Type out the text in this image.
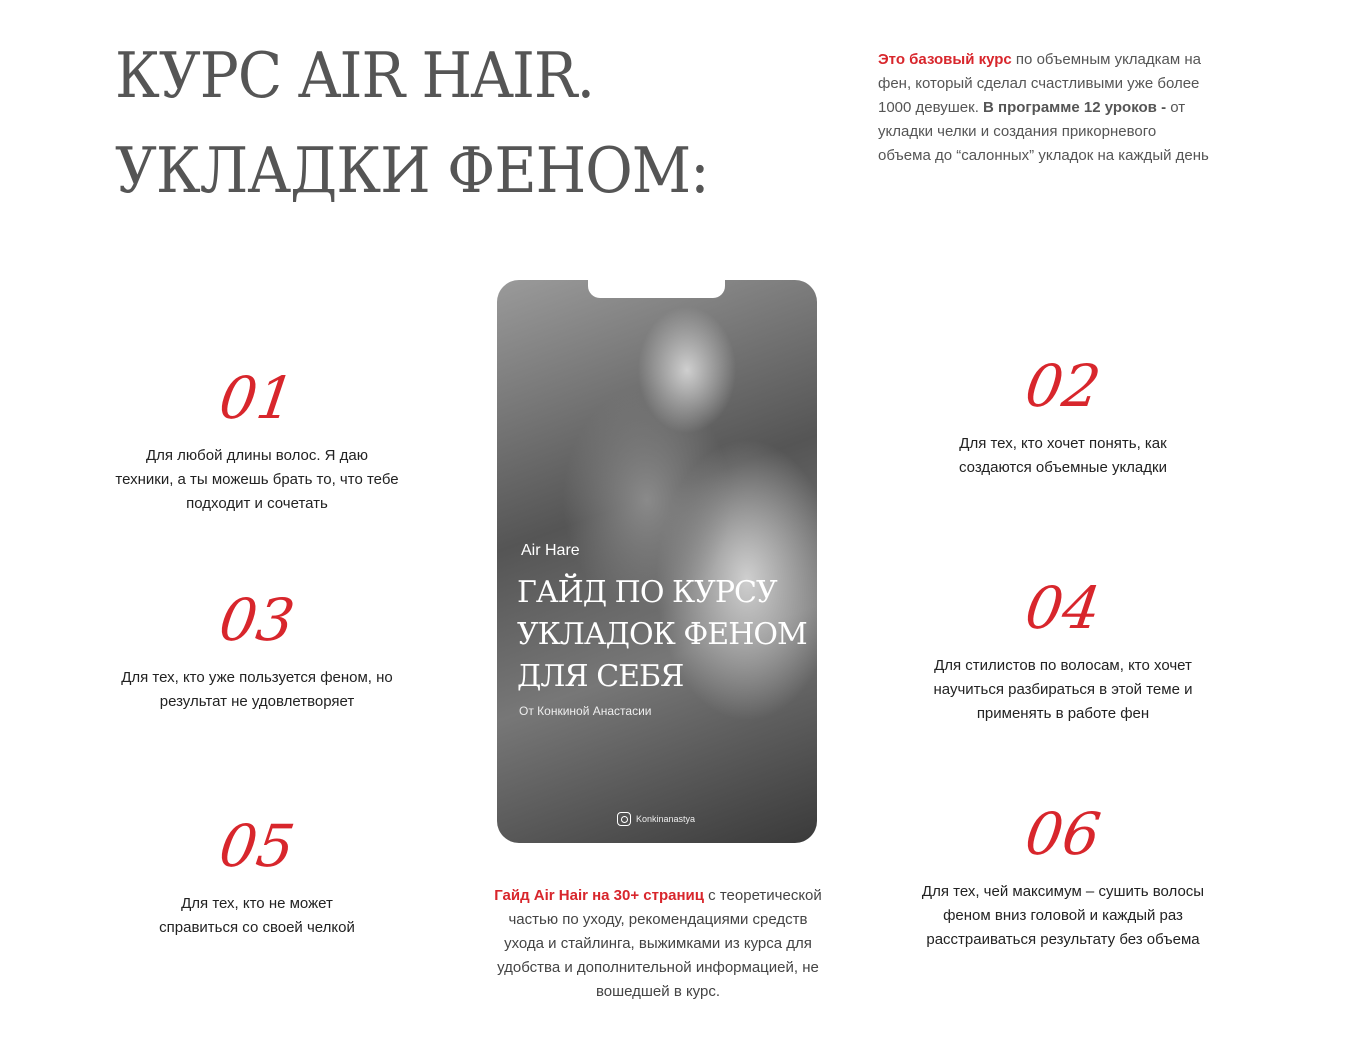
КУРС AIR HAIR.
УКЛАДКИ ФЕНОМ:

Это базовый курс по объемным укладкам на фен, который сделал счастливыми уже более 1000 девушек. В программе 12 уроков - от укладки челки и создания прикорневого объема до “салонных” укладок на каждый день

Air Hare
ГАЙД ПО КУРСУ УКЛАДОК ФЕНОМ ДЛЯ СЕБЯ
От Конкиной Анастасии
Konkinanastya
01
Для любой длины волос. Я даю техники, а ты можешь брать то, что тебе подходит и сочетать
02
Для тех, кто хочет понять, как создаются объемные укладки
03
Для тех, кто уже пользуется феном, но результат не удовлетворяет
04
Для стилистов по волосам, кто хочет научиться разбираться в этой теме и применять в работе фен
05
Для тех, кто не может справиться со своей челкой
06
Для тех, чей максимум – сушить волосы феном вниз головой и каждый раз расстраиваться результату без объема

Гайд Air Hair на 30+ страниц с теоретической частью по уходу, рекомендациями средств ухода и стайлинга, выжимками из курса для удобства и дополнительной информацией, не вошедшей в курс.
